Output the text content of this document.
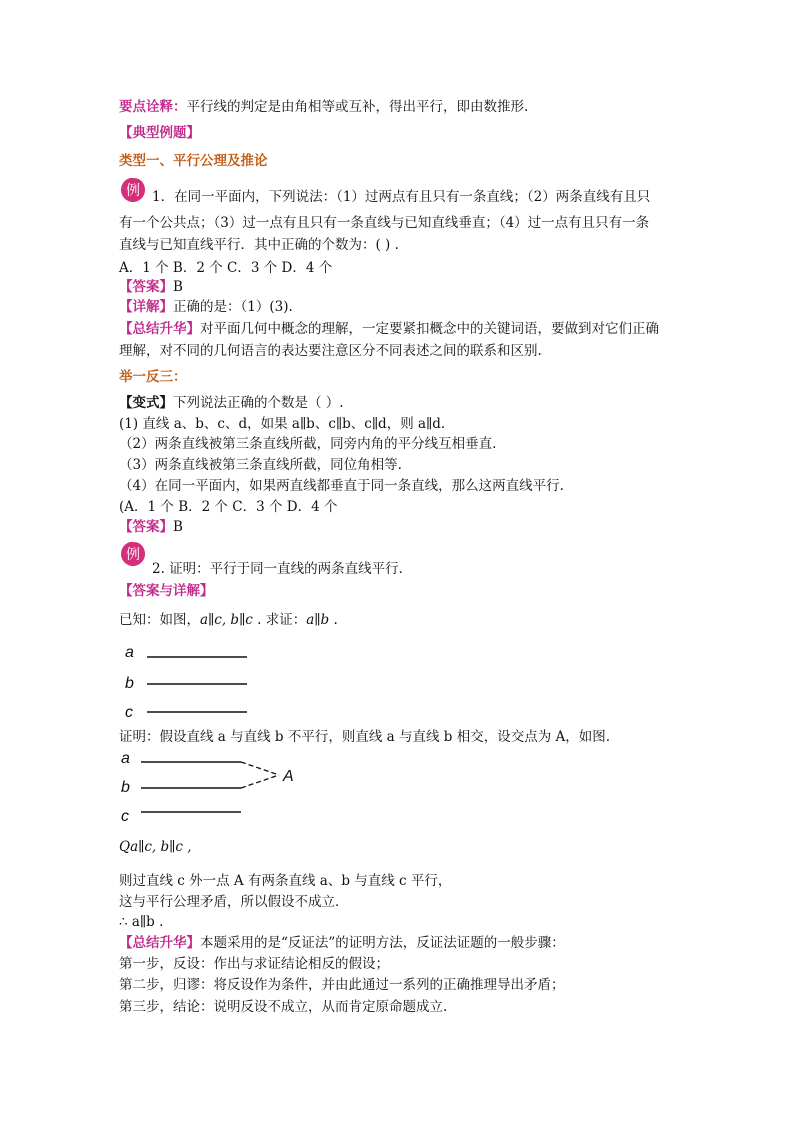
要点诠释：平行线的判定是由角相等或互补，得出平行，即由数推形.
【典型例题】
类型一、平行公理及推论
例 1．在同一平面内，下列说法：（1）过两点有且只有一条直线；（2）两条直线有且只
有一个公共点；（3）过一点有且只有一条直线与已知直线垂直；（4）过一点有且只有一条
直线与已知直线平行．其中正确的个数为：( ) .
A．1 个 B．2 个 C．3 个 D．4 个
【答案】B
【详解】正确的是：（1）(3).
【总结升华】对平面几何中概念的理解，一定要紧扣概念中的关键词语，要做到对它们正确
理解，对不同的几何语言的表达要注意区分不同表述之间的联系和区别.
举一反三：
【变式】下列说法正确的个数是（ ）.
(1) 直线 a、b、c、d，如果 a∥b、c∥b、c∥d，则 a∥d.
（2）两条直线被第三条直线所截，同旁内角的平分线互相垂直.
（3）两条直线被第三条直线所截，同位角相等.
（4）在同一平面内，如果两直线都垂直于同一条直线，那么这两直线平行.
(A．1 个 B．2 个 C．3 个 D．4 个
【答案】B
例
2. 证明：平行于同一直线的两条直线平行．
【答案与详解】
已知：如图，a∥c, b∥c . 求证：a∥b .
a
b
c
证明：假设直线 a 与直线 b 不平行，则直线 a 与直线 b 相交，设交点为 A，如图.
a
b
c
A
Qa∥c, b∥c ,
则过直线 c 外一点 A 有两条直线 a、b 与直线 c 平行，
这与平行公理矛盾，所以假设不成立．
∴ a∥b .
【总结升华】本题采用的是“反证法”的证明方法，反证法证题的一般步骤：
第一步，反设：作出与求证结论相反的假设；
第二步，归谬：将反设作为条件，并由此通过一系列的正确推理导出矛盾；
第三步，结论：说明反设不成立，从而肯定原命题成立.
